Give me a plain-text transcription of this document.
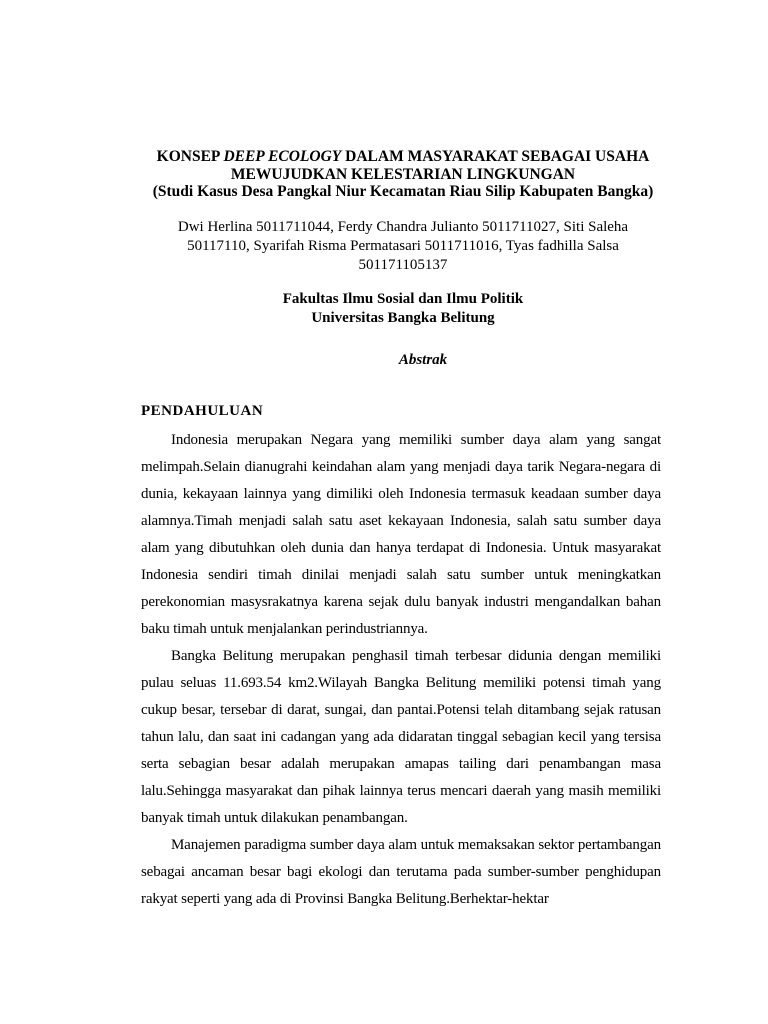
KONSEP DEEP ECOLOGY DALAM MASYARAKAT SEBAGAI USAHA
MEWUJUDKAN KELESTARIAN LINGKUNGAN
(Studi Kasus Desa Pangkal Niur Kecamatan Riau Silip Kabupaten Bangka)
Dwi Herlina 5011711044, Ferdy Chandra Julianto 5011711027, Siti Saleha
50117110, Syarifah Risma Permatasari 5011711016, Tyas fadhilla Salsa
501171105137
Fakultas Ilmu Sosial dan Ilmu Politik
Universitas Bangka Belitung
Abstrak
PENDAHULUAN

Indonesia merupakan Negara yang memiliki sumber daya alam yang sangat melimpah.Selain dianugrahi keindahan alam yang menjadi daya tarik Negara-negara di dunia, kekayaan lainnya yang dimiliki oleh Indonesia termasuk keadaan sumber daya alamnya.Timah menjadi salah satu aset kekayaan Indonesia, salah satu sumber daya alam yang dibutuhkan oleh dunia dan hanya terdapat di Indonesia. Untuk masyarakat Indonesia sendiri timah dinilai menjadi salah satu sumber untuk meningkatkan perekonomian masysrakatnya karena sejak dulu banyak industri mengandalkan bahan baku timah untuk menjalankan perindustriannya.

Bangka Belitung merupakan penghasil timah terbesar didunia dengan memiliki pulau seluas 11.693.54 km2.Wilayah Bangka Belitung memiliki potensi timah yang cukup besar, tersebar di darat, sungai, dan pantai.Potensi telah ditambang sejak ratusan tahun lalu, dan saat ini cadangan yang ada didaratan tinggal sebagian kecil yang tersisa serta sebagian besar adalah merupakan amapas tailing dari penambangan masa lalu.Sehingga masyarakat dan pihak lainnya terus mencari daerah yang masih memiliki banyak timah untuk dilakukan penambangan.

Manajemen paradigma sumber daya alam untuk memaksakan sektor pertambangan sebagai ancaman besar bagi ekologi dan terutama pada sumber-sumber penghidupan rakyat seperti yang ada di Provinsi Bangka Belitung.Berhektar-hektar
